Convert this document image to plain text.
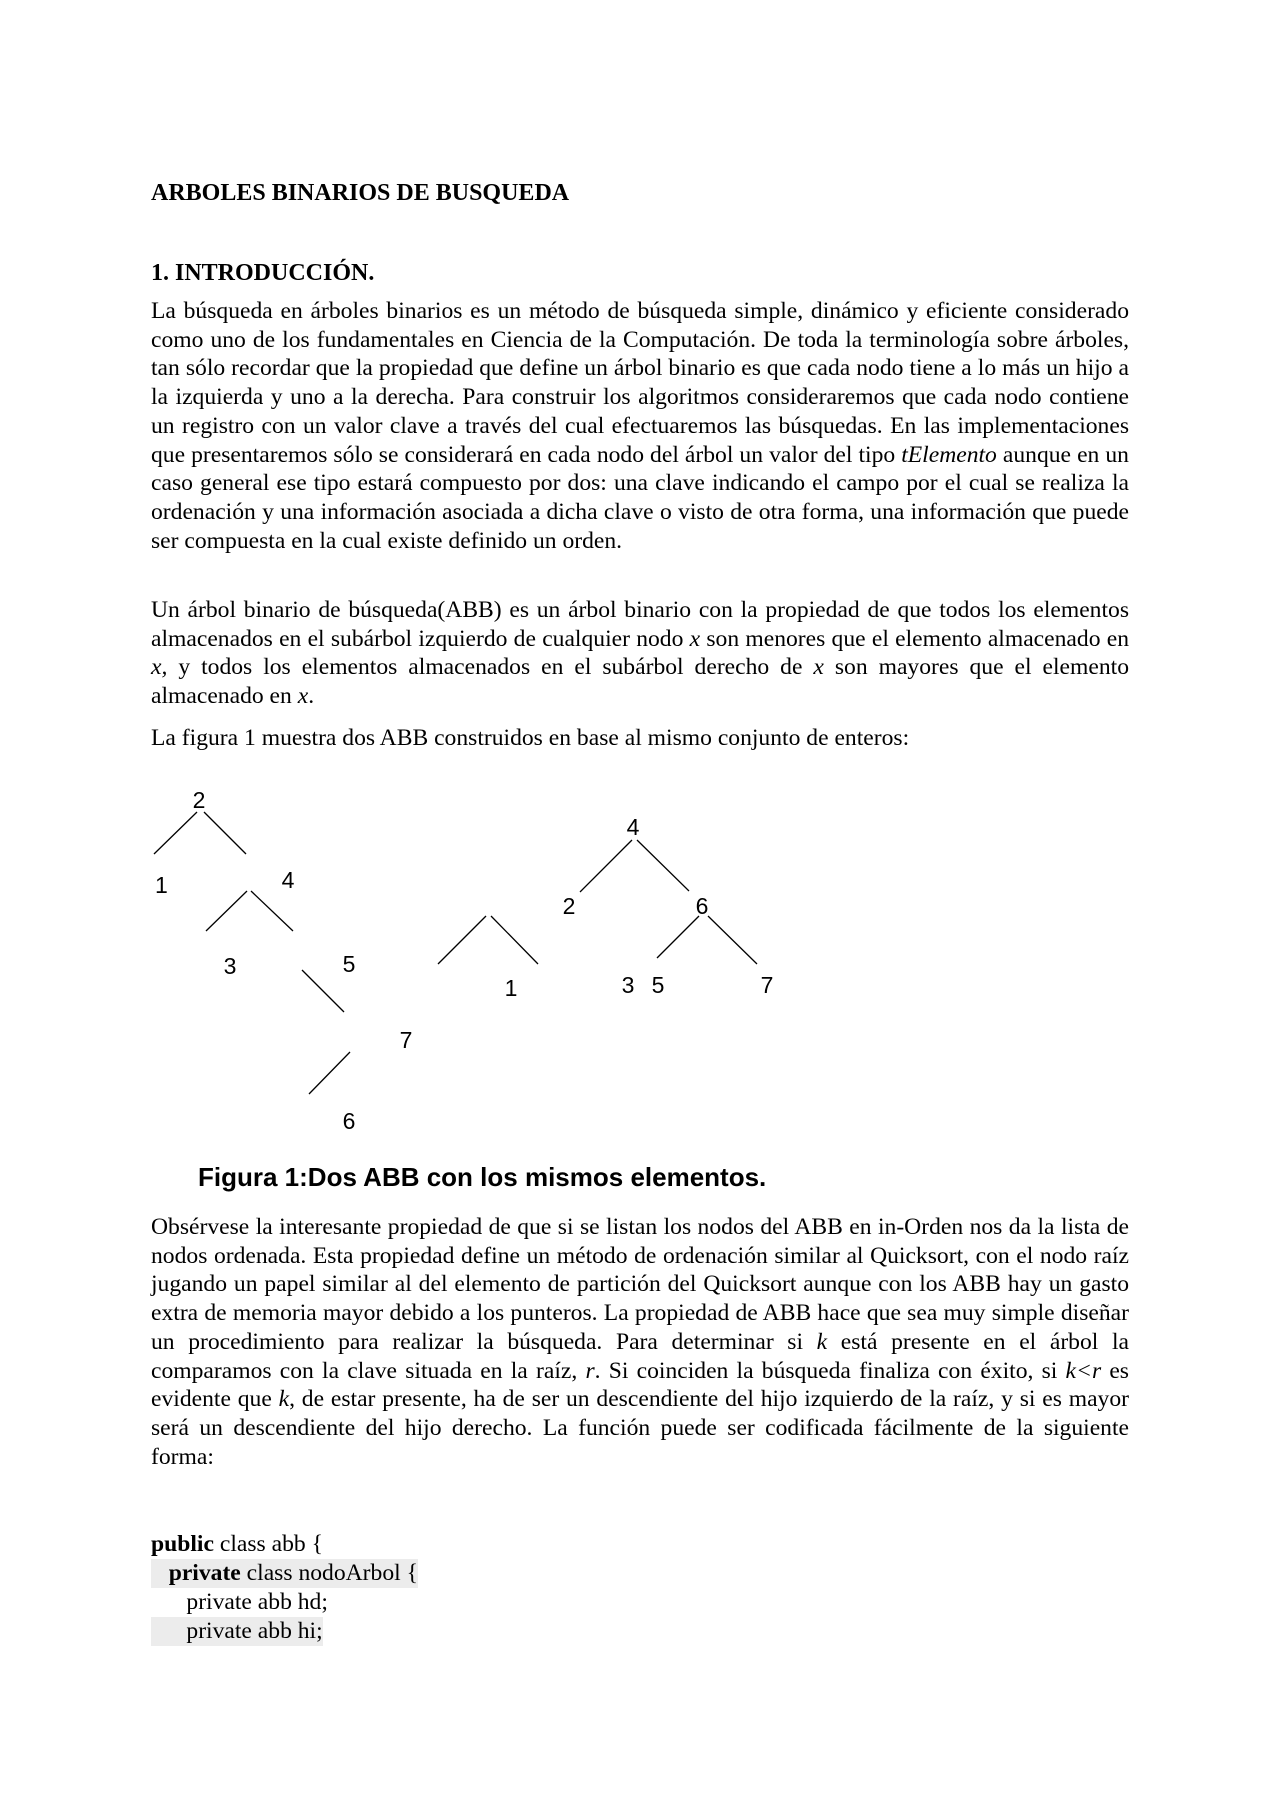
ARBOLES BINARIOS DE BUSQUEDA
1. INTRODUCCIÓN.

La búsqueda en árboles binarios es un método de búsqueda simple, dinámico y eficiente considerado como uno de los fundamentales en Ciencia de la Computación. De toda la terminología sobre árboles, tan sólo recordar que la propiedad que define un árbol binario es que cada nodo tiene a lo más un hijo a la izquierda y uno a la derecha. Para construir los algoritmos consideraremos que cada nodo contiene un registro con un valor clave a través del cual efectuaremos las búsquedas. En las implementaciones que presentaremos sólo se considerará en cada nodo del árbol un valor del tipo tElemento aunque en un caso general ese tipo estará compuesto por dos: una clave indicando el campo por el cual se realiza la ordenación y una información asociada a dicha clave o visto de otra forma, una información que puede ser compuesta en la cual existe definido un orden.

Un árbol binario de búsqueda(ABB) es un árbol binario con la propiedad de que todos los elementos almacenados en el subárbol izquierdo de cualquier nodo x son menores que el elemento almacenado en x, y todos los elementos almacenados en el subárbol derecho de x son mayores que el elemento almacenado en x.

La figura 1 muestra dos ABB construidos en base al mismo conjunto de enteros:

2
1	4
3	5
7
6
4
2	6
1	3 5	7

Figura 1:Dos ABB con los mismos elementos.

Obsérvese la interesante propiedad de que si se listan los nodos del ABB en in-Orden nos da la lista de nodos ordenada. Esta propiedad define un método de ordenación similar al Quicksort, con el nodo raíz jugando un papel similar al del elemento de partición del Quicksort aunque con los ABB hay un gasto extra de memoria mayor debido a los punteros. La propiedad de ABB hace que sea muy simple diseñar un procedimiento para realizar la búsqueda. Para determinar si k está presente en el árbol la comparamos con la clave situada en la raíz, r. Si coinciden la búsqueda finaliza con éxito, si k<r es evidente que k, de estar presente, ha de ser un descendiente del hijo izquierdo de la raíz, y si es mayor será un descendiente del hijo derecho. La función puede ser codificada fácilmente de la siguiente forma:

public class abb {
private class nodoArbol {
private abb hd;
private abb hi;
